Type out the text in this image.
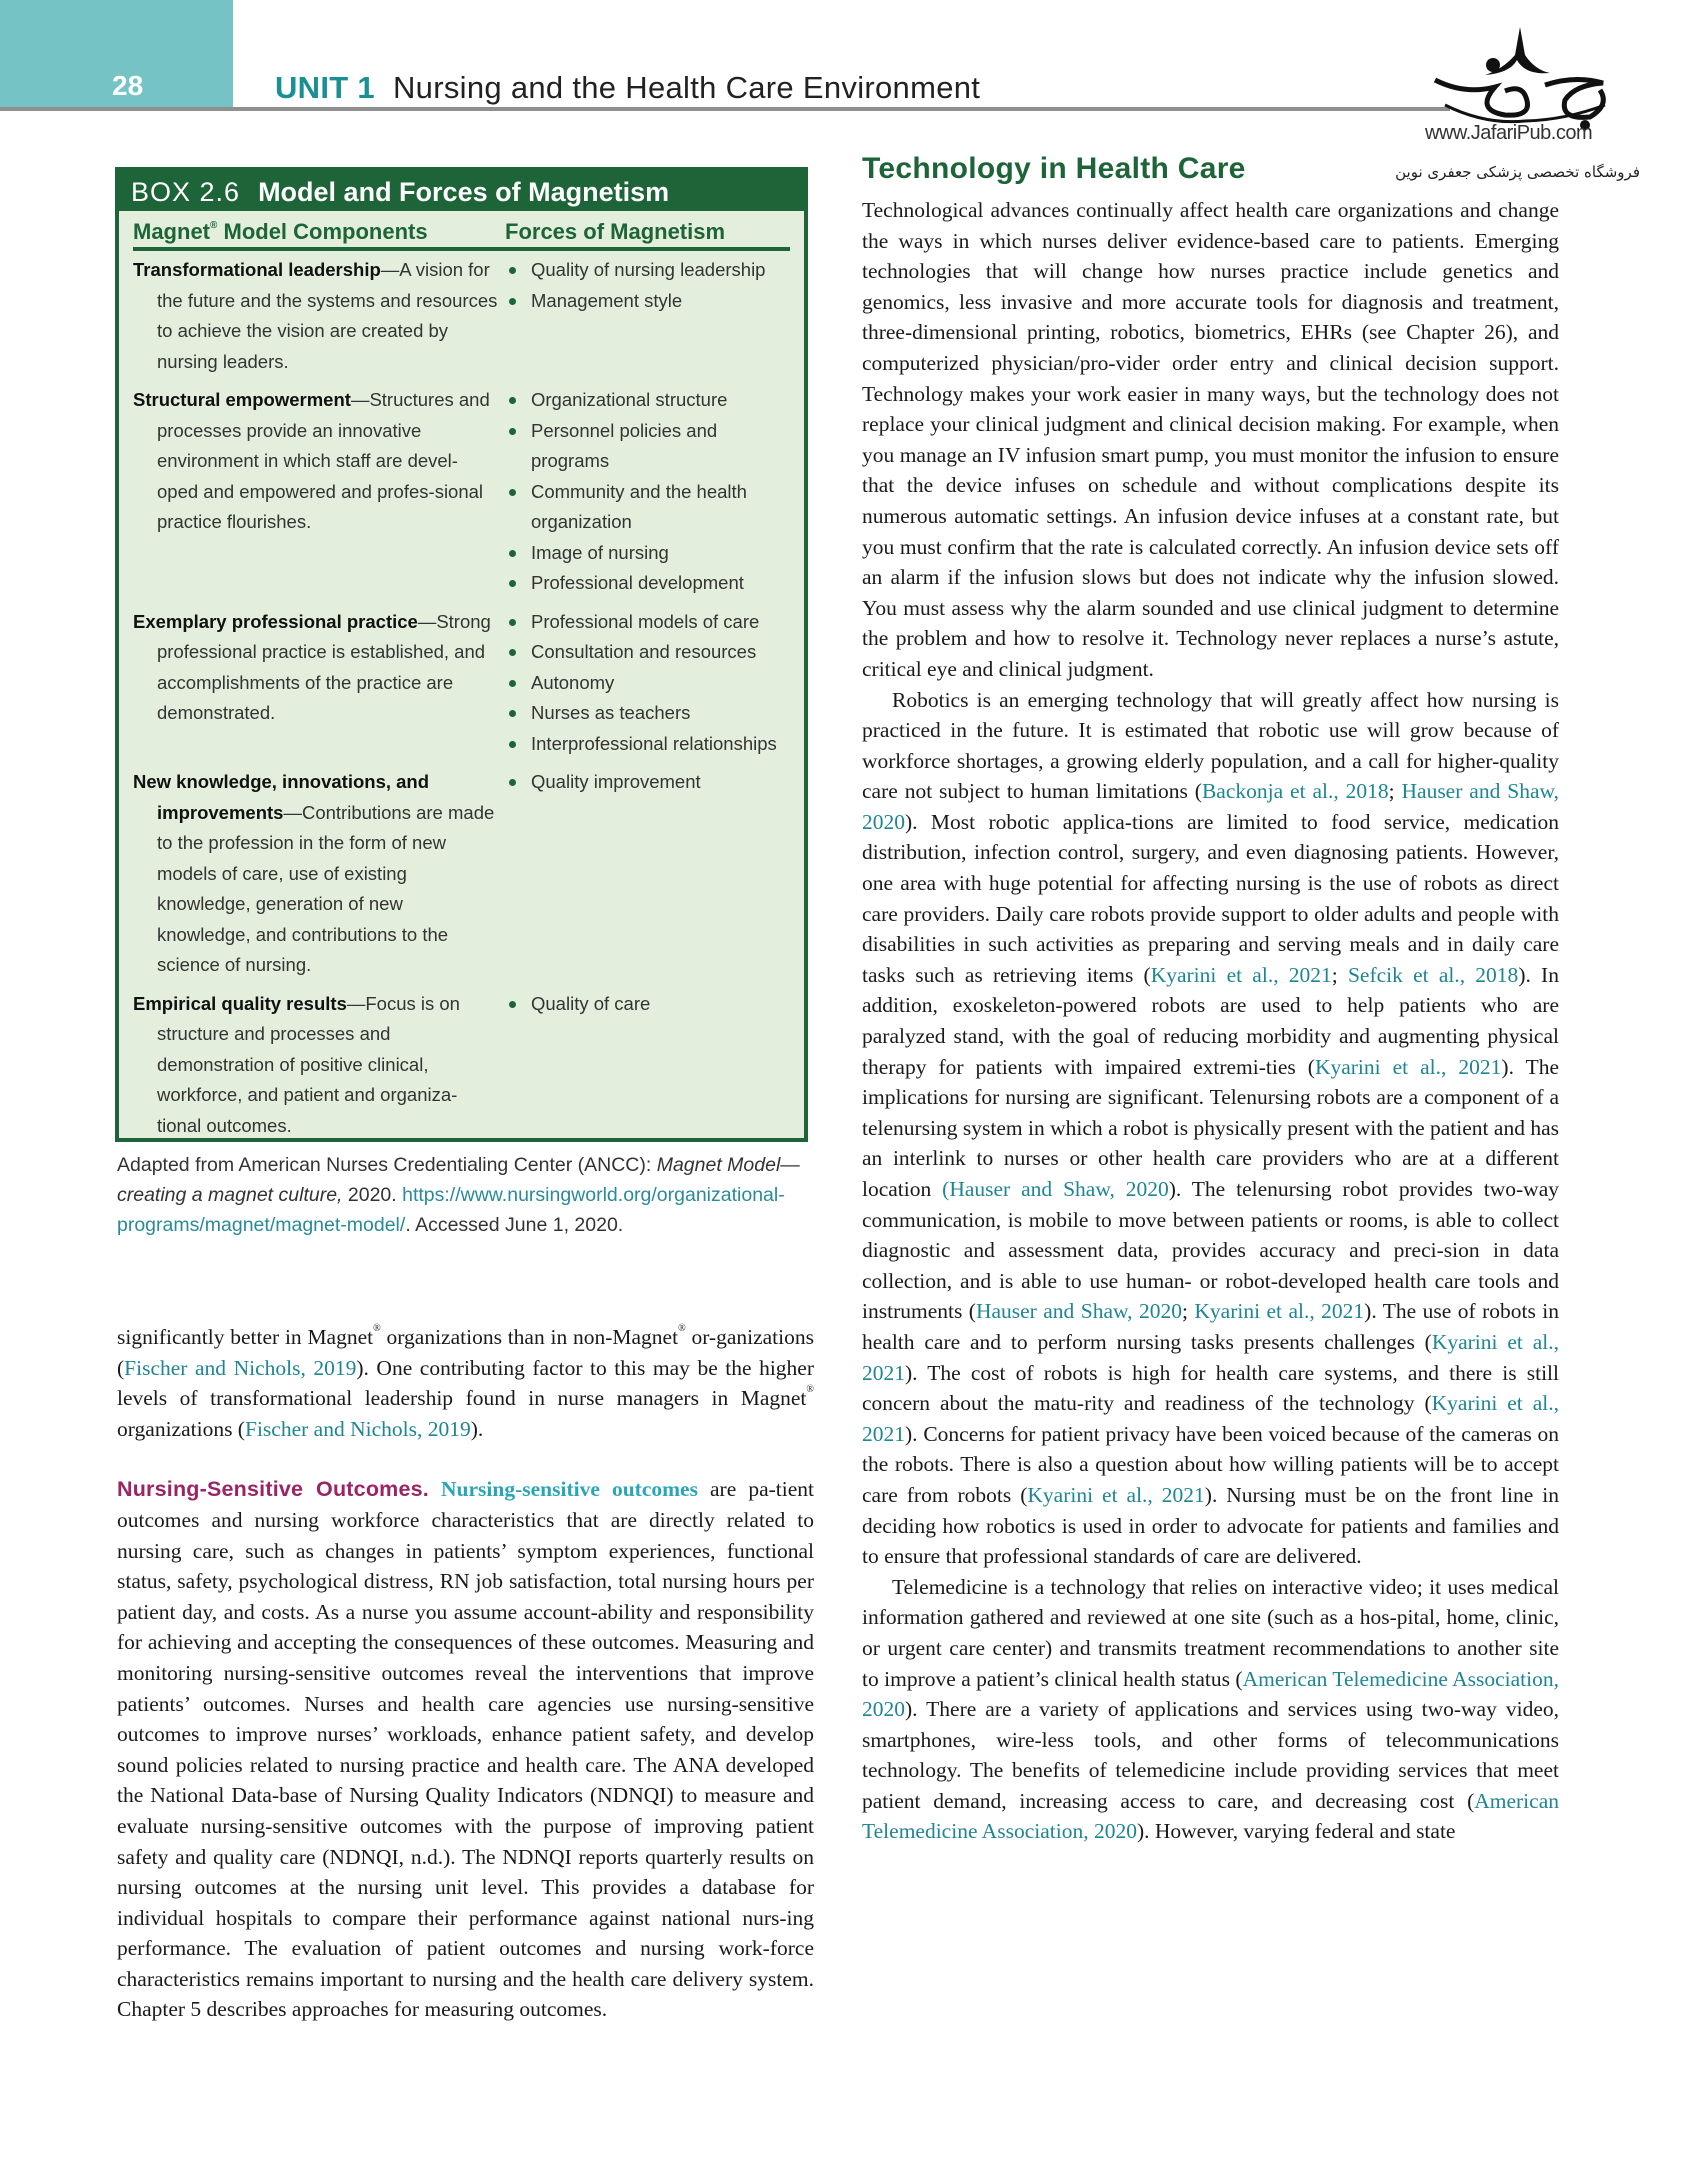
28	UNIT 1 Nursing and the Health Care Environment
www.JafariPub.com
فروشگاه تخصصی پزشکی جعفری نوین
BOX 2.6 Model and Forces of Magnetism
Magnet® Model Components	Forces of Magnetism
Transformational leadership—A vision for the future and the systems and resources to achieve the vision are created by nursing leaders.
Quality of nursing leadership
Management style
Structural empowerment—Structures and processes provide an innovative environment in which staff are devel-oped and empowered and profes-sional practice flourishes.
Organizational structure
Personnel policies and programs
Community and the health organization
Image of nursing
Professional development
Exemplary professional practice—Strong professional practice is established, and accomplishments of the practice are demonstrated.
Professional models of care
Consultation and resources
Autonomy
Nurses as teachers
Interprofessional relationships
New knowledge, innovations, and improvements—Contributions are made to the profession in the form of new models of care, use of existing knowledge, generation of new knowledge, and contributions to the science of nursing.
Quality improvement
Empirical quality results—Focus is on structure and processes and demonstration of positive clinical, workforce, and patient and organiza-tional outcomes.
Quality of care
Adapted from American Nurses Credentialing Center (ANCC): Magnet Model—creating a magnet culture, 2020. https://www.nursingworld.org/organizational-programs/magnet/magnet-model/. Accessed June 1, 2020.

significantly better in Magnet® organizations than in non-Magnet® or-ganizations (Fischer and Nichols, 2019). One contributing factor to this may be the higher levels of transformational leadership found in nurse managers in Magnet® organizations (Fischer and Nichols, 2019).

Nursing-Sensitive Outcomes. Nursing-sensitive outcomes are pa-tient outcomes and nursing workforce characteristics that are directly related to nursing care, such as changes in patients’ symptom experiences, functional status, safety, psychological distress, RN job satisfaction, total nursing hours per patient day, and costs. As a nurse you assume account-ability and responsibility for achieving and accepting the consequences of these outcomes. Measuring and monitoring nursing-sensitive outcomes reveal the interventions that improve patients’ outcomes. Nurses and health care agencies use nursing-sensitive outcomes to improve nurses’ workloads, enhance patient safety, and develop sound policies related to nursing practice and health care. The ANA developed the National Data-base of Nursing Quality Indicators (NDNQI) to measure and evaluate nursing-sensitive outcomes with the purpose of improving patient safety and quality care (NDNQI, n.d.). The NDNQI reports quarterly results on nursing outcomes at the nursing unit level. This provides a database for individual hospitals to compare their performance against national nurs-ing performance. The evaluation of patient outcomes and nursing work-force characteristics remains important to nursing and the health care delivery system. Chapter 5 describes approaches for measuring outcomes.

Technology in Health Care

Technological advances continually affect health care organizations and change the ways in which nurses deliver evidence-based care to patients. Emerging technologies that will change how nurses practice include genetics and genomics, less invasive and more accurate tools for diagnosis and treatment, three-dimensional printing, robotics, biometrics, EHRs (see Chapter 26), and computerized physician/pro-vider order entry and clinical decision support. Technology makes your work easier in many ways, but the technology does not replace your clinical judgment and clinical decision making. For example, when you manage an IV infusion smart pump, you must monitor the infusion to ensure that the device infuses on schedule and without complications despite its numerous automatic settings. An infusion device infuses at a constant rate, but you must confirm that the rate is calculated correctly. An infusion device sets off an alarm if the infusion slows but does not indicate why the infusion slowed. You must assess why the alarm sounded and use clinical judgment to determine the problem and how to resolve it. Technology never replaces a nurse’s astute, critical eye and clinical judgment.

Robotics is an emerging technology that will greatly affect how nursing is practiced in the future. It is estimated that robotic use will grow because of workforce shortages, a growing elderly population, and a call for higher-quality care not subject to human limitations (Backonja et al., 2018; Hauser and Shaw, 2020). Most robotic applica-tions are limited to food service, medication distribution, infection control, surgery, and even diagnosing patients. However, one area with huge potential for affecting nursing is the use of robots as direct care providers. Daily care robots provide support to older adults and people with disabilities in such activities as preparing and serving meals and in daily care tasks such as retrieving items (Kyarini et al., 2021; Sefcik et al., 2018). In addition, exoskeleton-powered robots are used to help patients who are paralyzed stand, with the goal of reducing morbidity and augmenting physical therapy for patients with impaired extremi-ties (Kyarini et al., 2021). The implications for nursing are significant. Telenursing robots are a component of a telenursing system in which a robot is physically present with the patient and has an interlink to nurses or other health care providers who are at a different location (Hauser and Shaw, 2020). The telenursing robot provides two-way communication, is mobile to move between patients or rooms, is able to collect diagnostic and assessment data, provides accuracy and preci-sion in data collection, and is able to use human- or robot-developed health care tools and instruments (Hauser and Shaw, 2020; Kyarini et al., 2021). The use of robots in health care and to perform nursing tasks presents challenges (Kyarini et al., 2021). The cost of robots is high for health care systems, and there is still concern about the matu-rity and readiness of the technology (Kyarini et al., 2021). Concerns for patient privacy have been voiced because of the cameras on the robots. There is also a question about how willing patients will be to accept care from robots (Kyarini et al., 2021). Nursing must be on the front line in deciding how robotics is used in order to advocate for patients and families and to ensure that professional standards of care are delivered.

Telemedicine is a technology that relies on interactive video; it uses medical information gathered and reviewed at one site (such as a hos-pital, home, clinic, or urgent care center) and transmits treatment recommendations to another site to improve a patient’s clinical health status (American Telemedicine Association, 2020). There are a variety of applications and services using two-way video, smartphones, wire-less tools, and other forms of telecommunications technology. The benefits of telemedicine include providing services that meet patient demand, increasing access to care, and decreasing cost (American Telemedicine Association, 2020). However, varying federal and state
